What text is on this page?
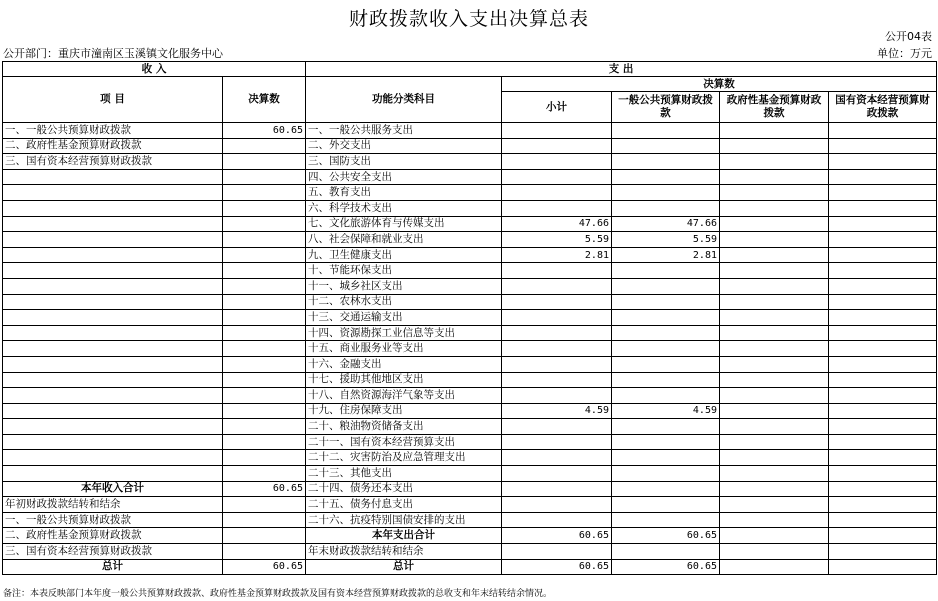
财政拨款收入支出决算总表
公开04表
公开部门：重庆市潼南区玉溪镇文化服务中心	单位：万元
收 入		支 出				
项 目	决算数	功能分类科目	决算数			
			小计	一般公共预算财政拨款	政府性基金预算财政拨款	国有资本经营预算财政拨款
一、一般公共预算财政拨款	60.65	一、一般公共服务支出				
二、政府性基金预算财政拨款		二、外交支出				
三、国有资本经营预算财政拨款		三、国防支出				
		四、公共安全支出				
		五、教育支出				
		六、科学技术支出				
		七、文化旅游体育与传媒支出	47.66	47.66		
		八、社会保障和就业支出	5.59	5.59		
		九、卫生健康支出	2.81	2.81		
		十、节能环保支出				
		十一、城乡社区支出				
		十二、农林水支出				
		十三、交通运输支出				
		十四、资源勘探工业信息等支出				
		十五、商业服务业等支出				
		十六、金融支出				
		十七、援助其他地区支出				
		十八、自然资源海洋气象等支出				
		十九、住房保障支出	4.59	4.59		
		二十、粮油物资储备支出				
		二十一、国有资本经营预算支出				
		二十二、灾害防治及应急管理支出				
		二十三、其他支出				
本年收入合计	60.65	二十四、债务还本支出				
年初财政拨款结转和结余		二十五、债务付息支出				
一、一般公共预算财政拨款		二十六、抗疫特别国债安排的支出				
二、政府性基金预算财政拨款		本年支出合计	60.65	60.65		
三、国有资本经营预算财政拨款		年末财政拨款结转和结余				
总计	60.65	总计	60.65	60.65		
备注：本表反映部门本年度一般公共预算财政拨款、政府性基金预算财政拨款及国有资本经营预算财政拨款的总收支和年末结转结余情况。
